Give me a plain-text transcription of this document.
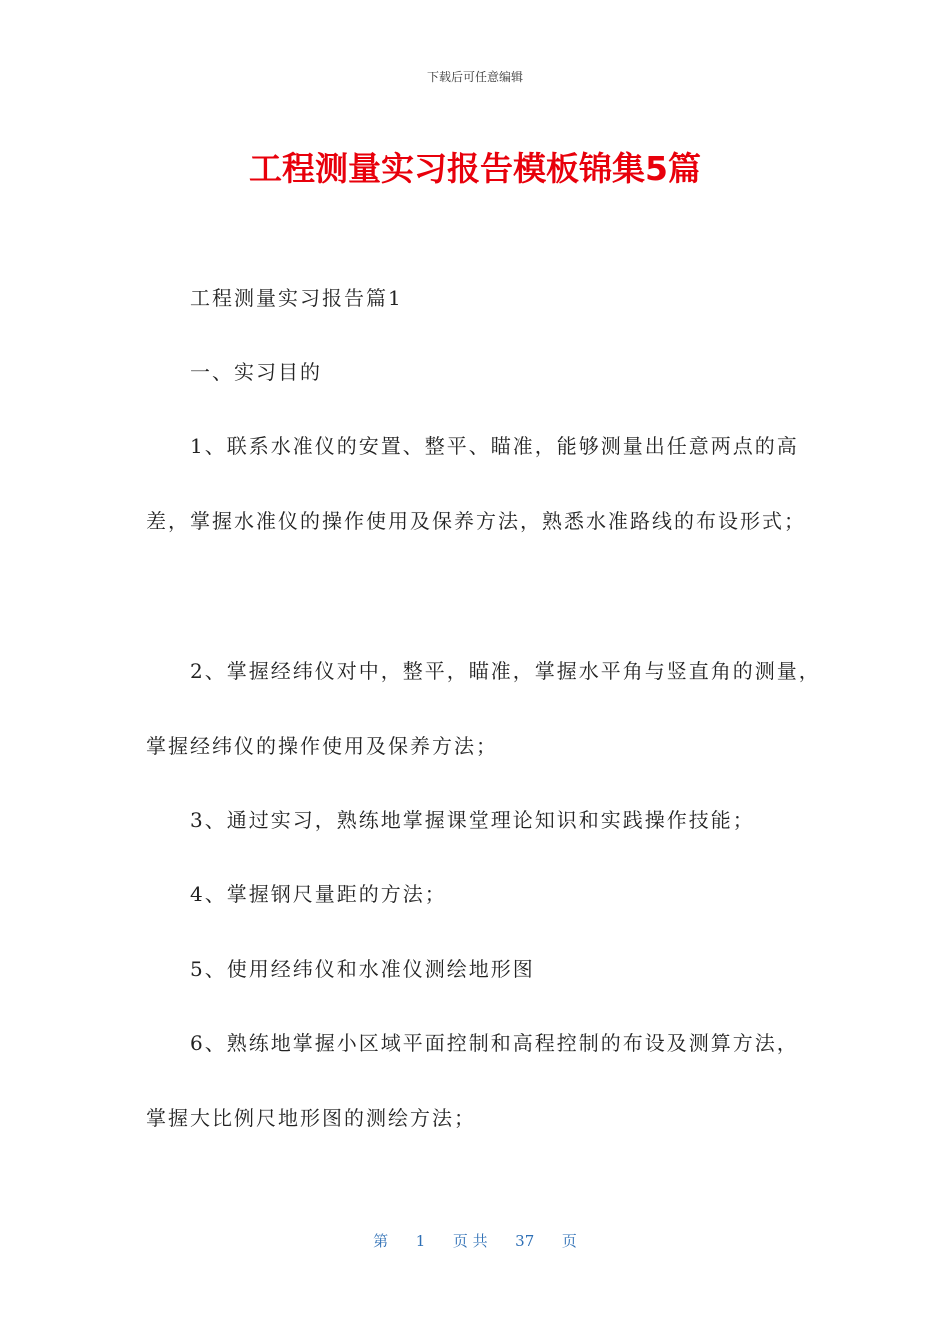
下载后可任意编辑
工程测量实习报告模板锦集5篇
工程测量实习报告篇1
一、实习目的
1、联系水准仪的安置、整平、瞄准，能够测量出任意两点的高
差，掌握水准仪的操作使用及保养方法，熟悉水准路线的布设形式；
2、掌握经纬仪对中，整平，瞄准，掌握水平角与竖直角的测量，
掌握经纬仪的操作使用及保养方法；
3、通过实习，熟练地掌握课堂理论知识和实践操作技能；
4、掌握钢尺量距的方法；
5、使用经纬仪和水准仪测绘地形图
6、熟练地掌握小区域平面控制和高程控制的布设及测算方法，
掌握大比例尺地形图的测绘方法；
第 1 页 共 37 页
